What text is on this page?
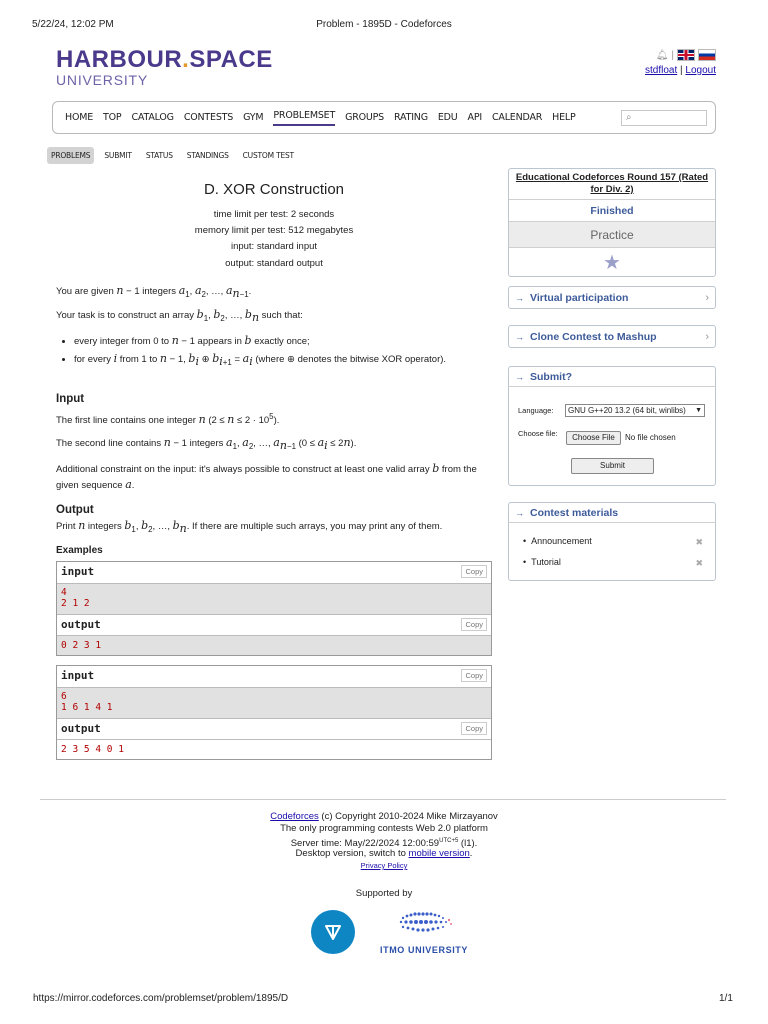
5/22/24, 12:02 PM	Problem - 1895D - Codeforces
HARBOUR.SPACE
UNIVERSITY
🔔︎ |
stdfloat | Logout
HOME TOP CATALOG CONTESTS GYM PROBLEMSET GROUPS RATING EDU API CALENDAR HELP	⌕
PROBLEMS	SUBMIT	STATUS	STANDINGS	CUSTOM TEST
D. XOR Construction
time limit per test: 2 seconds
memory limit per test: 512 megabytes
input: standard input
output: standard output
You are given n − 1 integers $a_1$, $a_2$, …, $a_{n-1}$.
Your task is to construct an array $b_1$, $b_2$, …, $b_n$ such that:
• every integer from 0 to n − 1 appears in b exactly once;
• for every i from 1 to n − 1, $b_i$ ⊕ $b_{i+1} = a_i$ (where ⊕ denotes the bitwise XOR operator).
Input
The first line contains one integer n $(2 \le n \le 2 \cdot 10^5)$.
The second line contains n − 1 integers $a_1$, $a_2$, …, $a_{n-1}$ $(0 \le a_i \le 2n)$.
Additional constraint on the input: it's always possible to construct at least one valid array b from the given sequence a.
Output
Print n integers $b_1$, $b_2$, …, $b_n$. If there are multiple such arrays, you may print any of them.
Examples
input	Copy
4
2 1 2
output	Copy
0 2 3 1
input	Copy
6
1 6 1 4 1
output	Copy
2 3 5 4 0 1
Educational Codeforces Round 157 (Rated for Div. 2)
Finished
Practice
★
→ Virtual participation	›
→ Clone Contest to Mashup	›
→ Submit?
Language: GNU G++20 13.2 (64 bit, winlibs) ▼
Choose file:	Choose File	No file chosen
Submit
→ Contest materials
•  Announcement	✖
•  Tutorial	✖
Codeforces (c) Copyright 2010-2024 Mike Mirzayanov
The only programming contests Web 2.0 platform
Server time: May/22/2024 $12:00:59^{UTC+5}$ (l1).
Desktop version, switch to mobile version.
Privacy Policy
Supported by
ITMO UNIVERSITY
https://mirror.codeforces.com/problemset/problem/1895/D	1/1
